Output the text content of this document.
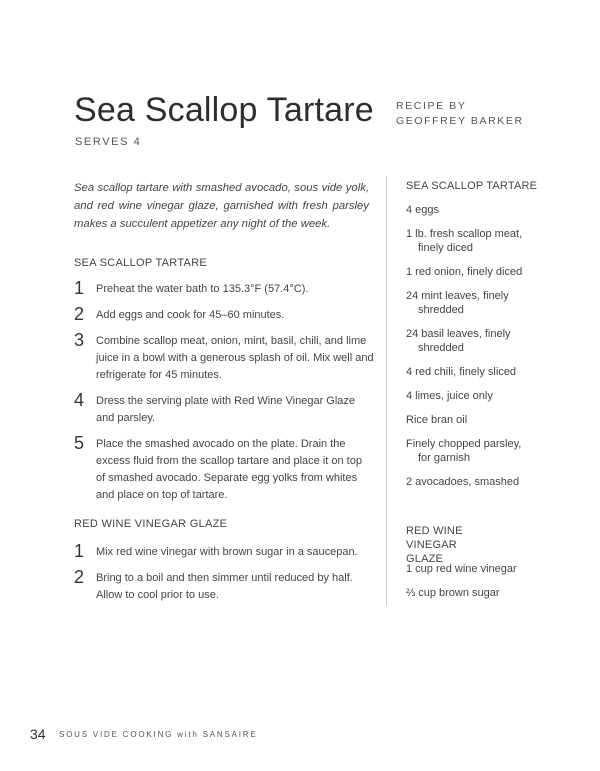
Sea Scallop Tartare
SERVES 4
RECIPE BY
GEOFFREY BARKER

Sea scallop tartare with smashed avocado, sous vide yolk, and red wine vinegar glaze, garnished with fresh parsley makes a succulent appetizer any night of the week.

SEA SCALLOP TARTARE
1 Preheat the water bath to 135.3°F (57.4°C).
2 Add eggs and cook for 45–60 minutes.
3 Combine scallop meat, onion, mint, basil, chili, and lime juice in a bowl with a generous splash of oil. Mix well and refrigerate for 45 minutes.
4 Dress the serving plate with Red Wine Vinegar Glaze and parsley.
5 Place the smashed avocado on the plate. Drain the excess fluid from the scallop tartare and place it on top of smashed avocado. Separate egg yolks from whites and place on top of tartare.
RED WINE VINEGAR GLAZE
1 Mix red wine vinegar with brown sugar in a saucepan.
2 Bring to a boil and then simmer until reduced by half. Allow to cool prior to use.
SEA SCALLOP TARTARE
4 eggs
1 lb. fresh scallop meat, finely diced
1 red onion, finely diced
24 mint leaves, finely shredded
24 basil leaves, finely shredded
4 red chili, finely sliced
4 limes, juice only
Rice bran oil
Finely chopped parsley, for garnish
2 avocadoes, smashed
RED WINE VINEGAR GLAZE
1 cup red wine vinegar
⅔ cup brown sugar
34 SOUS VIDE COOKING with SANSAIRE
